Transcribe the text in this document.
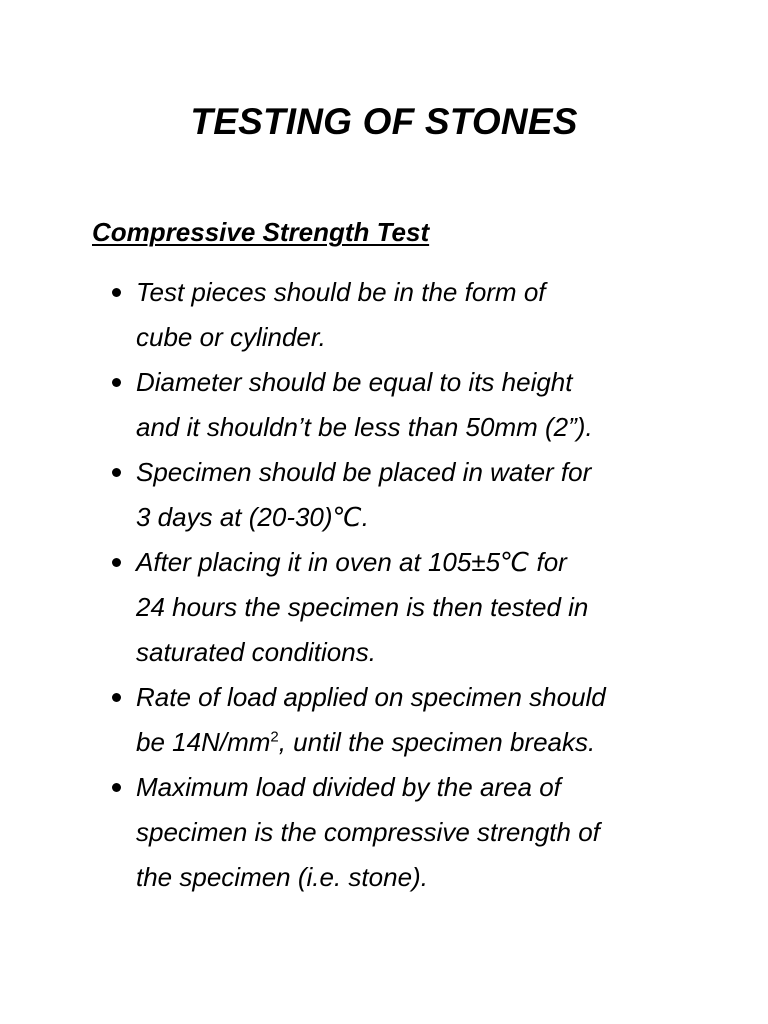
TESTING OF STONES
Compressive Strength Test
Test pieces should be in the form of
cube or cylinder.
Diameter should be equal to its height
and it shouldn’t be less than 50mm (2”).
Specimen should be placed in water for
3 days at (20-30)℃.
After placing it in oven at 105±5℃ for
24 hours the specimen is then tested in
saturated conditions.
Rate of load applied on specimen should
be $14N/mm^2$, until the specimen breaks.
Maximum load divided by the area of
specimen is the compressive strength of
the specimen (i.e. stone).
